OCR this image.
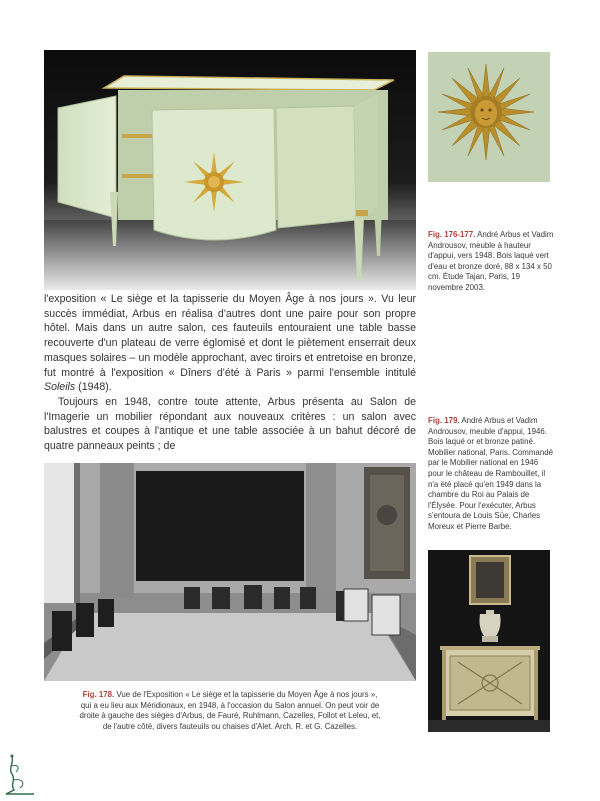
Fig. 176-177. André Arbus et Vadim Androusov, meuble à hauteur d'appui, vers 1948. Bois laqué vert d'eau et bronze doré, 88 x 134 x 50 cm. Étude Tajan, Paris, 19 novembre 2003.

l'exposition « Le siège et la tapisserie du Moyen Âge à nos jours ». Vu leur succès immédiat, Arbus en réalisa d'autres dont une paire pour son propre hôtel. Mais dans un autre salon, ces fauteuils entouraient une table basse recouverte d'un plateau de verre églomisé et dont le piètement enserrait deux masques solaires – un modèle approchant, avec tiroirs et entretoise en bronze, fut montré à l'exposition « Dîners d'été à Paris » parmi l'ensemble intitulé Soleils (1948).

Toujours en 1948, contre toute attente, Arbus présenta au Salon de l'Imagerie un mobilier répondant aux nouveaux critères : un salon avec balustres et coupes à l'antique et une table associée à un bahut décoré de quatre panneaux peints ; de

Fig. 179. André Arbus et Vadim Androusov, meuble d'appui, 1946. Bois laqué or et bronze patiné. Mobilier national, Paris. Commandé par le Mobilier national en 1946 pour le château de Rambouillet, il n'a été placé qu'en 1949 dans la chambre du Roi au Palais de l'Élysée. Pour l'exécuter, Arbus s'entoura de Louis Süe, Charles Moreux et Pierre Barbe.
Fig. 178. Vue de l'Exposition « Le siège et la tapisserie du Moyen Âge à nos jours », qui a eu lieu aux Méridionaux, en 1948, à l'occasion du Salon annuel. On peut voir de droite à gauche des sièges d'Arbus, de Fauré, Ruhlmann, Cazelles, Follot et Leleu, et, de l'autre côté, divers fauteuils ou chaises d'Alet. Arch. R. et G. Cazelles.
